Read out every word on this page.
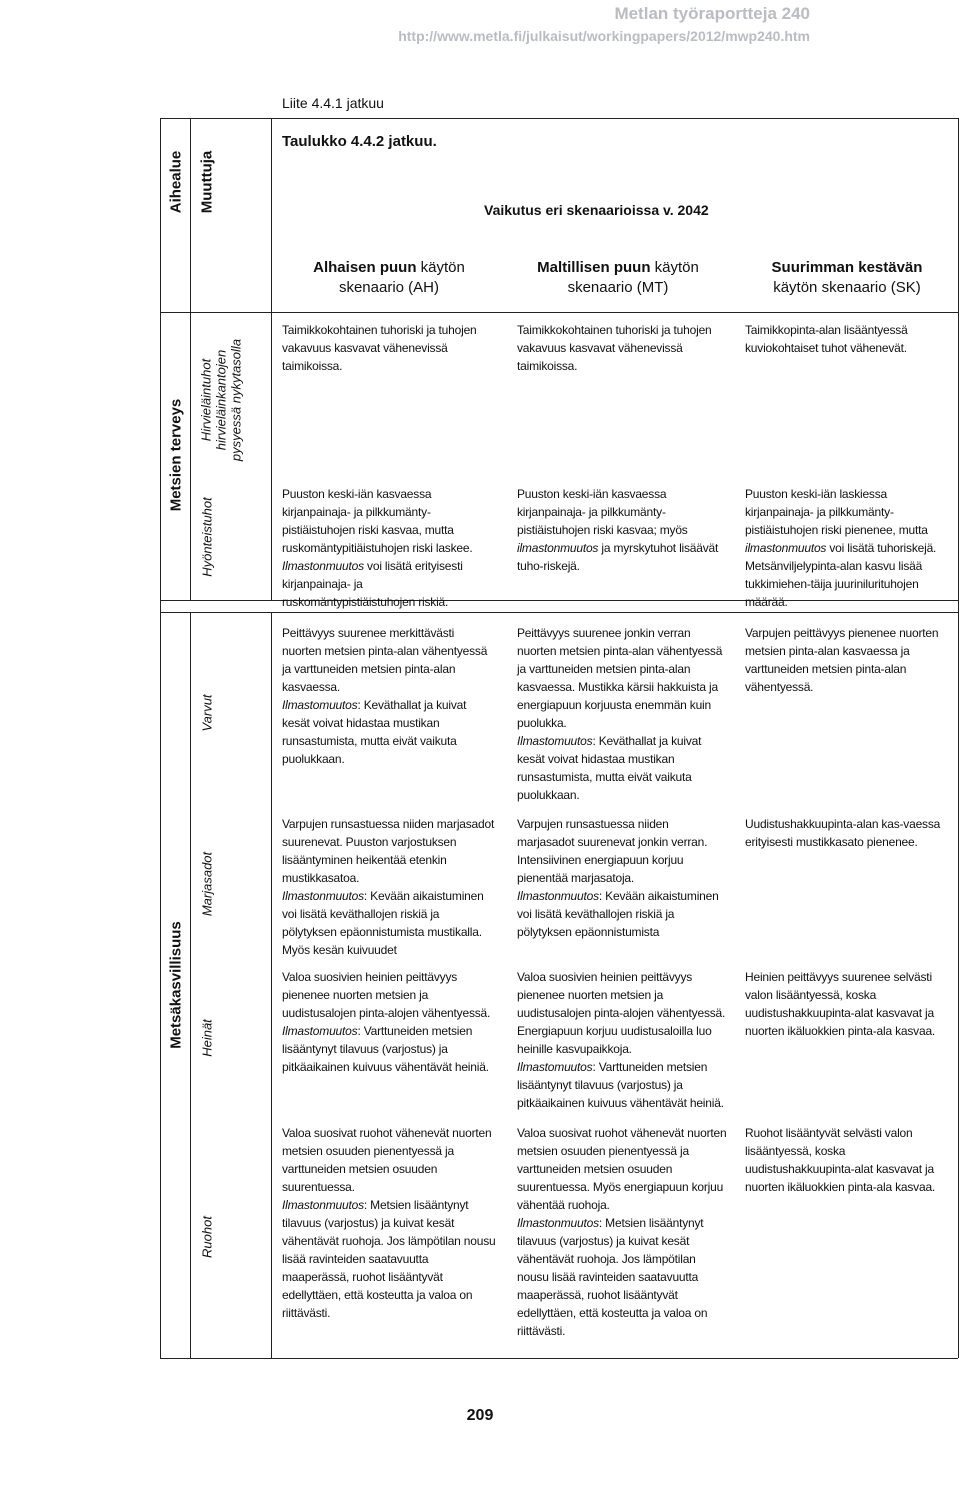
Metlan työraportteja 240
http://www.metla.fi/julkaisut/workingpapers/2012/mwp240.htm
Liite 4.4.1 jatkuu
Taulukko 4.4.2 jatkuu.
Vaikutus eri skenaarioissa v. 2042
Aihealue Muuttuja
Alhaisen puun käytön
skenaario (AH)
Maltillisen puun käytön
skenaario (MT)
Suurimman kestävän
käytön skenaario (SK)
Metsien terveys
Metsäkasvillisuus
Hirvieläintuhot
hirvieläinkantojen
pysyessä nykytasolla
Hyönteistuhot
Varvut
Marjasadot
Heinät
Ruohot
Taimikkokohtainen tuhoriski ja tuhojen vakavuus kasvavat vähenevissä taimikoissa.
Taimikkokohtainen tuhoriski ja tuhojen vakavuus kasvavat vähenevissä taimikoissa.
Taimikkopinta-alan lisääntyessä kuviokohtaiset tuhot vähenevät.
Puuston keski-iän kasvaessa kirjanpainaja- ja pilkkumänty-pistiäistuhojen riski kasvaa, mutta ruskomäntypitiäistuhojen riski laskee. Ilmastonmuutos voi lisätä erityisesti kirjanpainaja- ja ruskomäntypistiäistuhojen riskiä.
Puuston keski-iän kasvaessa kirjanpainaja- ja pilkkumänty-pistiäistuhojen riski kasvaa; myös ilmastonmuutos ja myrskytuhot lisäävät tuho-riskejä.
Puuston keski-iän laskiessa kirjanpainaja- ja pilkkumänty-pistiäistuhojen riski pienenee, mutta ilmastonmuutos voi lisätä tuhoriskejä. Metsänviljelypinta-alan kasvu lisää tukkimiehen-täija juurinilurituhojen määrää.
Peittävyys suurenee merkittävästi nuorten metsien pinta-alan vähentyessä ja varttuneiden metsien pinta-alan kasvaessa.
Ilmastomuutos: Keväthallat ja kuivat kesät voivat hidastaa mustikan runsastumista, mutta eivät vaikuta puolukkaan.
Peittävyys suurenee jonkin verran nuorten metsien pinta-alan vähentyessä ja varttuneiden metsien pinta-alan kasvaessa. Mustikka kärsii hakkuista ja energiapuun korjuusta enemmän kuin puolukka.
Ilmastomuutos: Keväthallat ja kuivat kesät voivat hidastaa mustikan runsastumista, mutta eivät vaikuta puolukkaan.
Varpujen peittävyys pienenee nuorten metsien pinta-alan kasvaessa ja varttuneiden metsien pinta-alan vähentyessä.
Varpujen runsastuessa niiden marjasadot suurenevat. Puuston varjostuksen lisääntyminen heikentää etenkin mustikkasatoa.
Ilmastonmuutos: Kevään aikaistuminen voi lisätä keväthallojen riskiä ja pölytyksen epäonnistumista mustikalla. Myös kesän kuivuudet
Varpujen runsastuessa niiden marjasadot suurenevat jonkin verran. Intensiivinen energiapuun korjuu pienentää marjasatoja.
Ilmastonmuutos: Kevään aikaistuminen voi lisätä keväthallojen riskiä ja pölytyksen epäonnistumista
Uudistushakkuupinta-alan kas-vaessa erityisesti mustikkasato pienenee.
Valoa suosivien heinien peittävyys pienenee nuorten metsien ja uudistusalojen pinta-alojen vähentyessä.
Ilmastomuutos: Varttuneiden metsien lisääntynyt tilavuus (varjostus) ja pitkäaikainen kuivuus vähentävät heiniä.
Valoa suosivien heinien peittävyys pienenee nuorten metsien ja uudistusalojen pinta-alojen vähentyessä. Energiapuun korjuu uudistusaloilla luo heinille kasvupaikkoja.
Ilmastomuutos: Varttuneiden metsien lisääntynyt tilavuus (varjostus) ja pitkäaikainen kuivuus vähentävät heiniä.
Heinien peittävyys suurenee selvästi valon lisääntyessä, koska uudistushakkuupinta-alat kasvavat ja nuorten ikäluokkien pinta-ala kasvaa.
Valoa suosivat ruohot vähenevät nuorten metsien osuuden pienentyessä ja varttuneiden metsien osuuden suurentuessa.
Ilmastonmuutos: Metsien lisääntynyt tilavuus (varjostus) ja kuivat kesät vähentävät ruohoja. Jos lämpötilan nousu lisää ravinteiden saatavuutta maaperässä, ruohot lisääntyvät edellyttäen, että kosteutta ja valoa on riittävästi.
Valoa suosivat ruohot vähenevät nuorten metsien osuuden pienentyessä ja varttuneiden metsien osuuden suurentuessa. Myös energiapuun korjuu vähentää ruohoja.
Ilmastonmuutos: Metsien lisääntynyt tilavuus (varjostus) ja kuivat kesät vähentävät ruohoja. Jos lämpötilan nousu lisää ravinteiden saatavuutta maaperässä, ruohot lisääntyvät edellyttäen, että kosteutta ja valoa on riittävästi.
Ruohot lisääntyvät selvästi valon lisääntyessä, koska uudistushakkuupinta-alat kasvavat ja nuorten ikäluokkien pinta-ala kasvaa.
209
